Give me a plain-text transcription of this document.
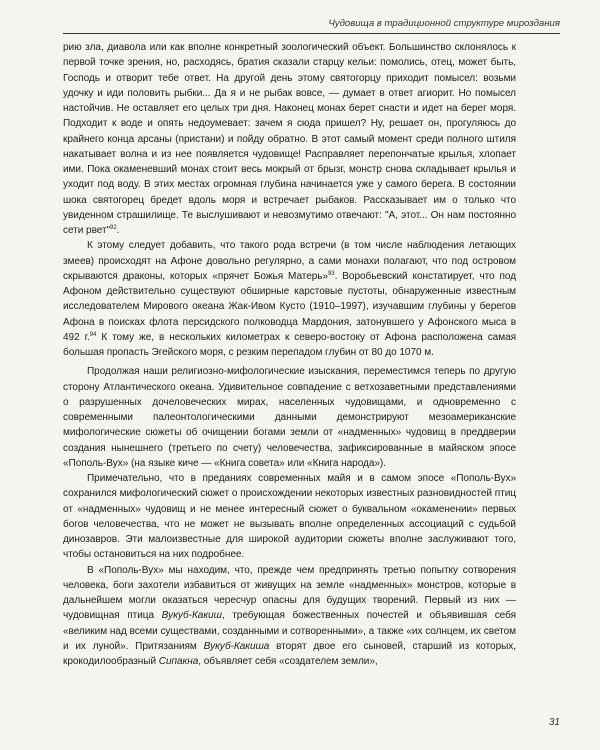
Чудовища в традиционной структуре мироздания

рию зла, диавола или как вполне конкретный зоологический объект. Большинство склонялось к первой точке зрения, но, расходясь, братия сказали старцу кельи: помолись, отец, может быть, Господь и отворит тебе ответ. На другой день этому святогорцу приходит помысел: возьми удочку и иди половить рыбки... Да я и не рыбак вовсе, — думает в ответ агиорит. Но помысел настойчив. Не оставляет его целых три дня. Наконец монах берет снасти и идет на берег моря. Подходит к воде и опять недоумевает: зачем я сюда пришел? Ну, решает он, прогуляюсь до крайнего конца арсаны (пристани) и пойду обратно. В этот самый момент среди полного штиля накатывает волна и из нее появляется чудовище! Расправляет перепончатые крылья, хлопает ими. Пока окаменевший монах стоит весь мокрый от брызг, монстр снова складывает крылья и уходит под воду. В этих местах огромная глубина начинается уже у самого берега. В состоянии шока святогорец бредет вдоль моря и встречает рыбаков. Рассказывает им о только что увиденном страшилище. Те выслушивают и невозмутимо отвечают: "А, этот... Он нам постоянно сети рвет"$^{92}$.

К этому следует добавить, что такого рода встречи (в том числе наблюдения летающих змеев) происходят на Афоне довольно регулярно, а сами монахи полагают, что под островом скрываются драконы, которых «прячет Божья Матерь»$^{93}$. Воробьевский констатирует, что под Афоном действительно существуют обширные карстовые пустоты, обнаруженные известным исследователем Мирового океана Жак-Ивом Кусто (1910–1997), изучавшим глубины у берегов Афона в поисках флота персидского полководца Мардония, затонувшего у Афонского мыса в 492 г.$^{94}$ К тому же, в нескольких километрах к северо-востоку от Афона расположена самая большая пропасть Эгейского моря, с резким перепадом глубин от 80 до 1070 м.

Продолжая наши религиозно-мифологические изыскания, переместимся теперь по другую сторону Атлантического океана. Удивительное совпадение с ветхозаветными представлениями о разрушенных дочеловеческих мирах, населенных чудовищами, и одновременно с современными палеонтологическими данными демонстрируют мезоамериканские мифологические сюжеты об очищении богами земли от «надменных» чудовищ в преддверии создания нынешнего (третьего по счету) человечества, зафиксированные в майяском эпосе «Пополь-Вух» (на языке киче — «Книга совета» или «Книга народа»).

Примечательно, что в преданиях современных майя и в самом эпосе «Пополь-Вух» сохранился мифологический сюжет о происхождении некоторых известных разновидностей птиц от «надменных» чудовищ и не менее интересный сюжет о буквальном «окаменении» первых богов человечества, что не может не вызывать вполне определенных ассоциаций с судьбой динозавров. Эти малоизвестные для широкой аудитории сюжеты вполне заслуживают того, чтобы остановиться на них подробнее.

В «Пополь-Вух» мы находим, что, прежде чем предпринять третью попытку сотворения человека, боги захотели избавиться от живущих на земле «надменных» монстров, которые в дальнейшем могли оказаться чересчур опасны для будущих творений. Первый из них — чудовищная птица Вукуб-Какиш, требующая божественных почестей и объявившая себя «великим над всеми существами, созданными и сотворенными», а также «их солнцем, их светом и их луной». Притязаниям Вукуб-Какиша вторят двое его сыновей, старший из которых, крокодилообразный Сипакна, объявляет себя «создателем земли»,

31
